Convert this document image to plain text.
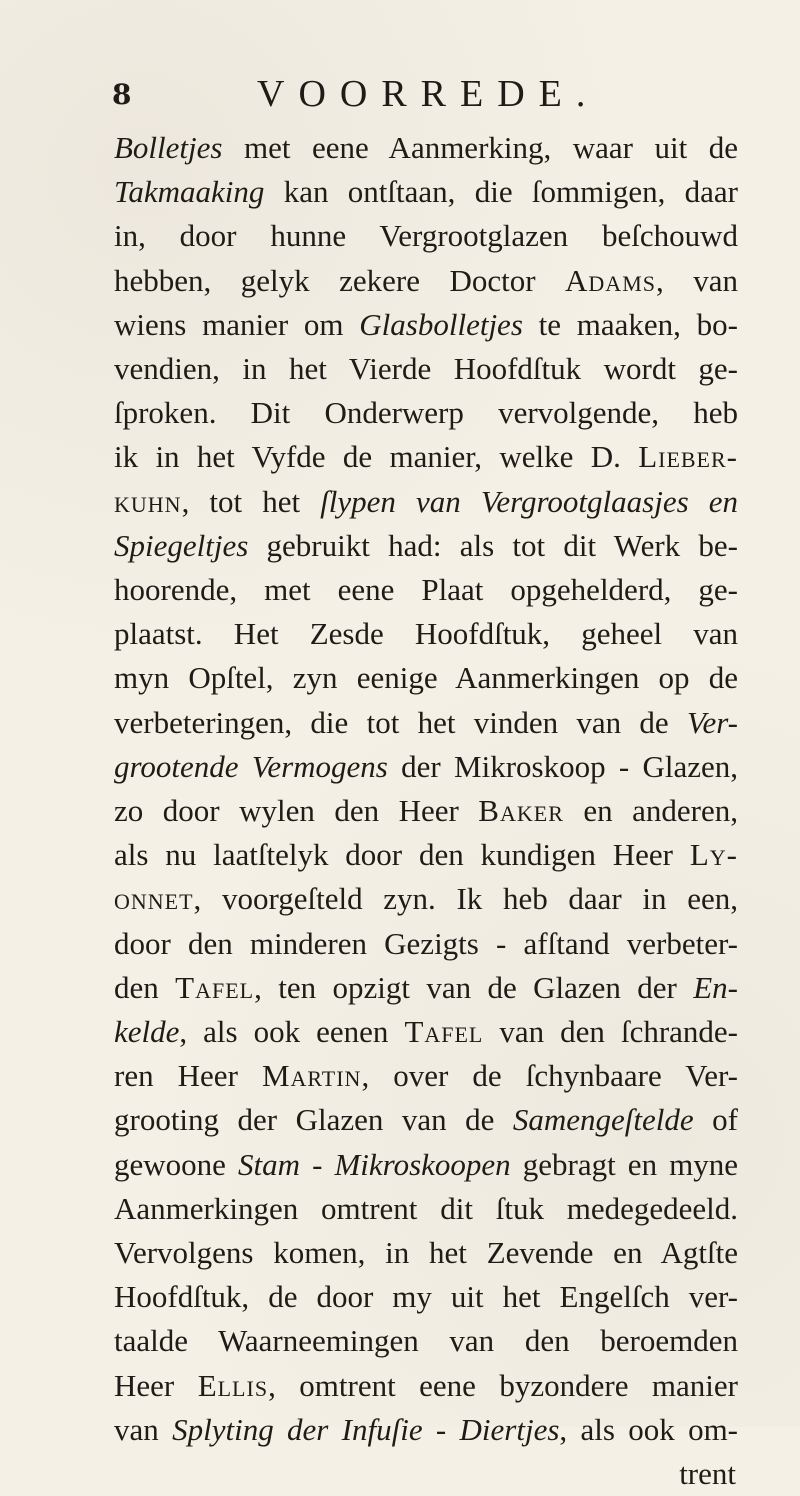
8	VOORREDE.
Bolletjes met eene Aanmerking, waar uit de
Takmaaking kan ontſtaan, die ſommigen, daar
in, door hunne Vergrootglazen beſchouwd
hebben, gelyk zekere Doctor Adams, van
wiens manier om Glasbolletjes te maaken, bo-
vendien, in het Vierde Hoofdſtuk wordt ge-
ſproken. Dit Onderwerp vervolgende, heb
ik in het Vyfde de manier, welke D. Lieber-
kuhn, tot het ſlypen van Vergrootglaasjes en
Spiegeltjes gebruikt had: als tot dit Werk be-
hoorende, met eene Plaat opgehelderd, ge-
plaatst. Het Zesde Hoofdſtuk, geheel van
myn Opſtel, zyn eenige Aanmerkingen op de
verbeteringen, die tot het vinden van de Ver-
grootende Vermogens der Mikroskoop - Glazen,
zo door wylen den Heer Baker en anderen,
als nu laatſtelyk door den kundigen Heer Ly-
onnet, voorgeſteld zyn. Ik heb daar in een,
door den minderen Gezigts - afſtand verbeter-
den Tafel, ten opzigt van de Glazen der En-
kelde, als ook eenen Tafel van den ſchrande-
ren Heer Martin, over de ſchynbaare Ver-
grooting der Glazen van de Samengeſtelde of
gewoone Stam - Mikroskoopen gebragt en myne
Aanmerkingen omtrent dit ſtuk medegedeeld.
Vervolgens komen, in het Zevende en Agtſte
Hoofdſtuk, de door my uit het Engelſch ver-
taalde Waarneemingen van den beroemden
Heer Ellis, omtrent eene byzondere manier
van Splyting der Infuſie - Diertjes, als ook om-
trent
